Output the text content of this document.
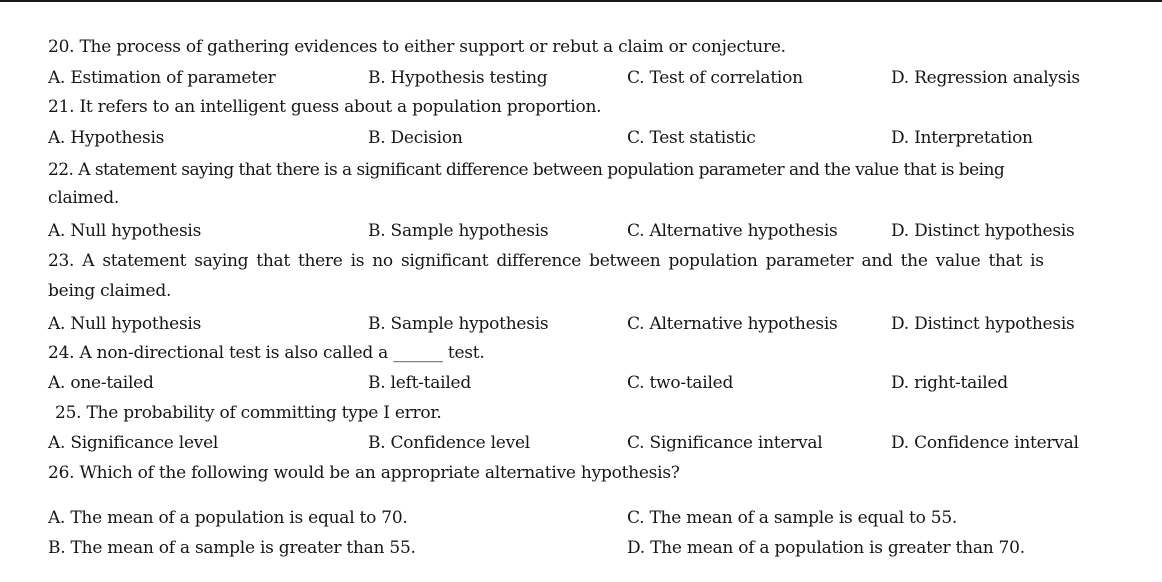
20. The process of gathering evidences to either support or rebut a claim or conjecture.
A. Estimation of parameter	B. Hypothesis testing	C. Test of correlation	D. Regression analysis
21. It refers to an intelligent guess about a population proportion.
A. Hypothesis	B. Decision	C. Test statistic	D. Interpretation
22. A statement saying that there is a significant difference between population parameter and the value that is being
claimed.
A. Null hypothesis	B. Sample hypothesis	C. Alternative hypothesis	D. Distinct hypothesis
23. A statement saying that there is no significant difference between population parameter and the value that is
being claimed.
A. Null hypothesis	B. Sample hypothesis	C. Alternative hypothesis	D. Distinct hypothesis
24. A non-directional test is also called a ______ test.
A. one-tailed	B. left-tailed	C. two-tailed	D. right-tailed
25. The probability of committing type I error.
A. Significance level	B. Confidence level	C. Significance interval	D. Confidence interval
26. Which of the following would be an appropriate alternative hypothesis?
A. The mean of a population is equal to 70.	C. The mean of a sample is equal to 55.
B. The mean of a sample is greater than 55.	D. The mean of a population is greater than 70.
